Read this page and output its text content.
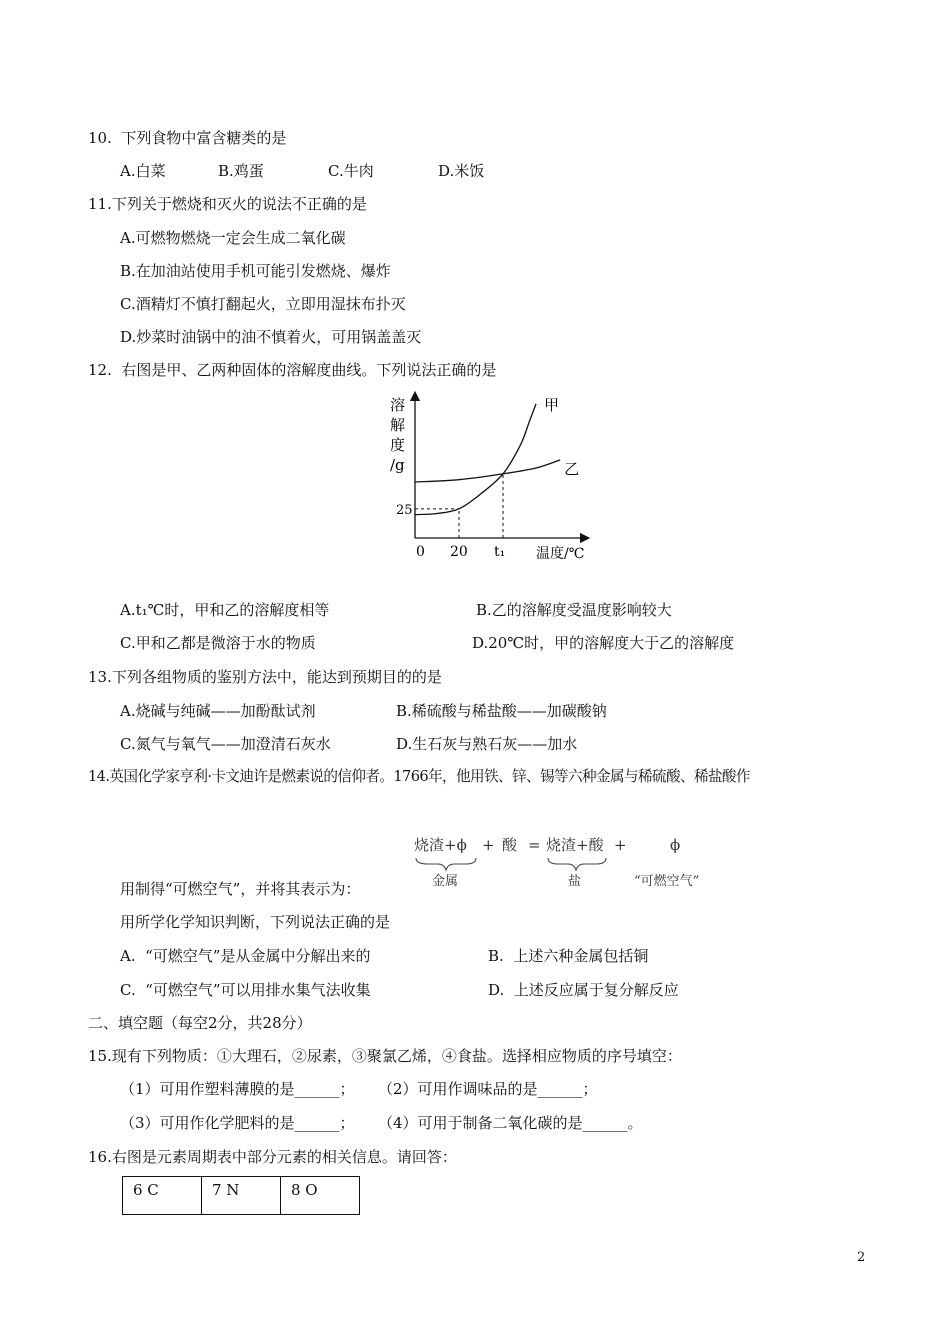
10.  下列食物中富含糖类的是
A.白菜	B.鸡蛋	C.牛肉	D.米饭
11.下列关于燃烧和灭火的说法不正确的是
A.可燃物燃烧一定会生成二氧化碳
B.在加油站使用手机可能引发燃烧、爆炸
C.酒精灯不慎打翻起火，立即用湿抹布扑灭
D.炒菜时油锅中的油不慎着火，可用锅盖盖灭
12.  右图是甲、乙两种固体的溶解度曲线。下列说法正确的是
溶
解
度
/g
0	温度/℃
甲
乙
20 t₁
25
A.t₁℃时，甲和乙的溶解度相等	B.乙的溶解度受温度影响较大
C.甲和乙都是微溶于水的物质	D.20℃时，甲的溶解度大于乙的溶解度
13.下列各组物质的鉴别方法中，能达到预期目的的是
A.烧碱与纯碱——加酚酞试剂	B.稀硫酸与稀盐酸——加碳酸钠
C.氮气与氧气——加澄清石灰水	D.生石灰与熟石灰——加水
14.英国化学家亨利·卡文迪许是燃素说的信仰者。1766年，他用铁、锌、锡等六种金属与稀硫酸、稀盐酸作
烧渣+ϕ + 酸 = 烧渣+酸 +	ϕ
金属	盐	“可燃空气”
用制得“可燃空气”，并将其表示为：
用所学化学知识判断，下列说法正确的是
A.  “可燃空气”是从金属中分解出来的	B.  上述六种金属包括铜
C.  “可燃空气”可以用排水集气法收集	D.  上述反应属于复分解反应
二、填空题（每空2分，共28分）
15.现有下列物质：①大理石，②尿素，③聚氯乙烯，④食盐。选择相应物质的序号填空：
（1）可用作塑料薄膜的是______； （2）可用作调味品的是______；
（3）可用作化学肥料的是______； （4）可用于制备二氧化碳的是______。
16.右图是元素周期表中部分元素的相关信息。请回答：
6 C	7 N	8 O
2
